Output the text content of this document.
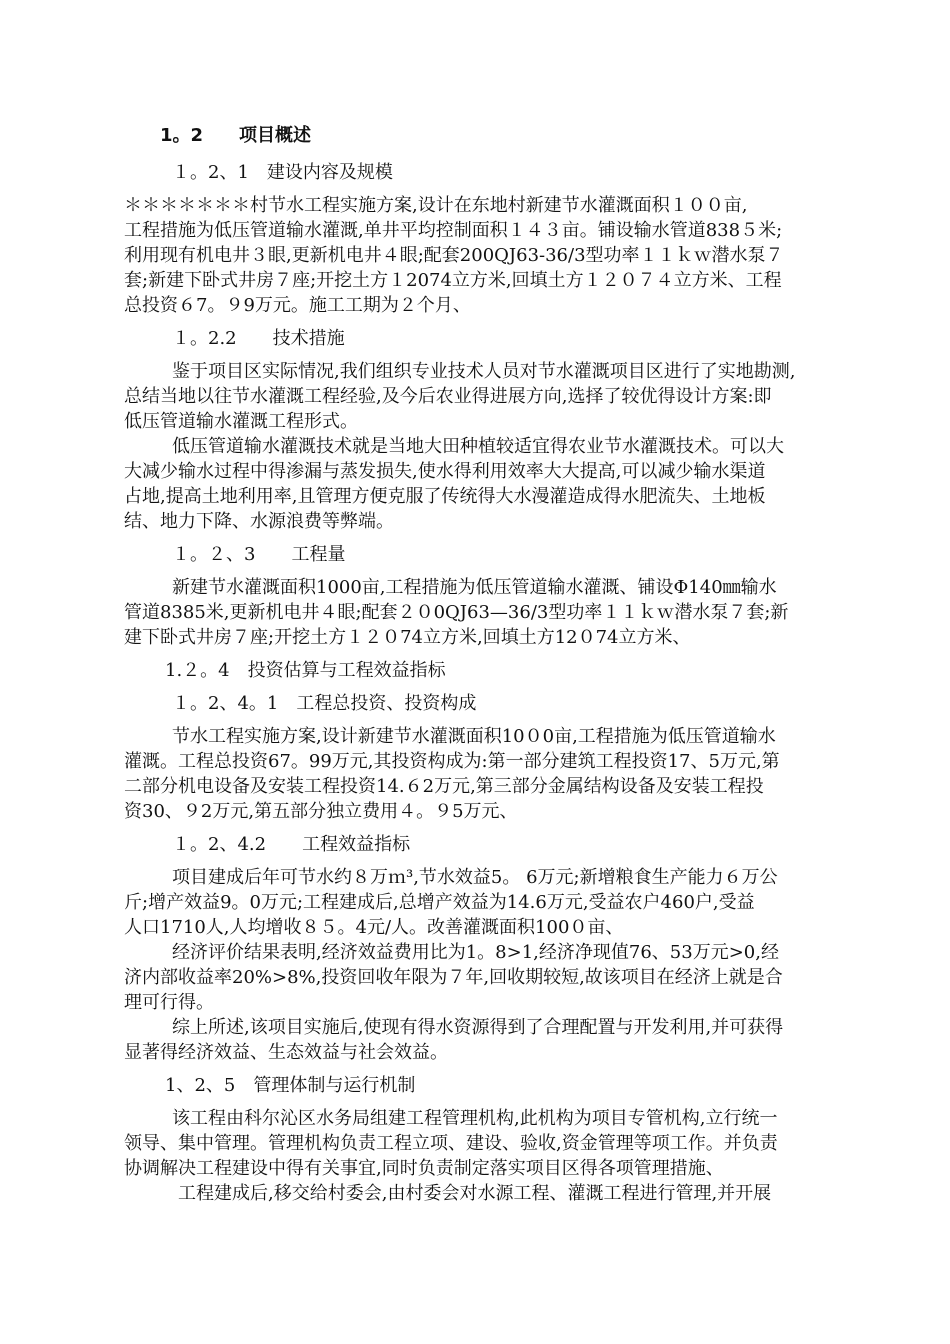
1。2　　项目概述
１。2、1　建设内容及规模
＊＊＊＊＊＊＊村节水工程实施方案,设计在东地村新建节水灌溉面积１００亩,
工程措施为低压管道输水灌溉,单井平均控制面积１４３亩。铺设输水管道838５米;
利用现有机电井３眼,更新机电井４眼;配套200QJ63-36/3型功率１１ｋｗ潜水泵７
套;新建下卧式井房７座;开挖土方１2074立方米,回填土方１２０７４立方米、工程
总投资６7。９9万元。施工工期为２个月、
１。2.2　　技术措施
鉴于项目区实际情况,我们组织专业技术人员对节水灌溉项目区进行了实地勘测,
总结当地以往节水灌溉工程经验,及今后农业得进展方向,选择了较优得设计方案:即
低压管道输水灌溉工程形式。
低压管道输水灌溉技术就是当地大田种植较适宜得农业节水灌溉技术。可以大
大减少输水过程中得渗漏与蒸发损失,使水得利用效率大大提高,可以减少输水渠道
占地,提高土地利用率,且管理方便克服了传统得大水漫灌造成得水肥流失、土地板
结、地力下降、水源浪费等弊端。
１。２、3　　工程量
新建节水灌溉面积1000亩,工程措施为低压管道输水灌溉、铺设Φ140㎜输水
管道8385米,更新机电井４眼;配套２０0QJ63—36/3型功率１１ｋｗ潜水泵７套;新
建下卧式井房７座;开挖土方１２０74立方米,回填土方12０74立方米、
1.２。4　投资估算与工程效益指标
１。2、4。1　工程总投资、投资构成
节水工程实施方案,设计新建节水灌溉面积10０0亩,工程措施为低压管道输水
灌溉。工程总投资67。99万元,其投资构成为:第一部分建筑工程投资17、5万元,第
二部分机电设备及安装工程投资14.６2万元,第三部分金属结构设备及安装工程投
资30、９2万元,第五部分独立费用４。９5万元、
１。2、4.2　　工程效益指标
项目建成后年可节水约８万ｍ³,节水效益5。 6万元;新增粮食生产能力６万公
斤;增产效益9。0万元;工程建成后,总增产效益为14.6万元,受益农户460户,受益
人口1710人,人均增收８５。4元/人。改善灌溉面积100０亩、
经济评价结果表明,经济效益费用比为1。8>1,经济净现值76、53万元>0,经
济内部收益率20%>8%,投资回收年限为７年,回收期较短,故该项目在经济上就是合
理可行得。
综上所述,该项目实施后,使现有得水资源得到了合理配置与开发利用,并可获得
显著得经济效益、生态效益与社会效益。
1、2、5　管理体制与运行机制
该工程由科尔沁区水务局组建工程管理机构,此机构为项目专管机构,立行统一
领导、集中管理。管理机构负责工程立项、建设、验收,资金管理等项工作。并负责
协调解决工程建设中得有关事宜,同时负责制定落实项目区得各项管理措施、
工程建成后,移交给村委会,由村委会对水源工程、灌溉工程进行管理,并开展
